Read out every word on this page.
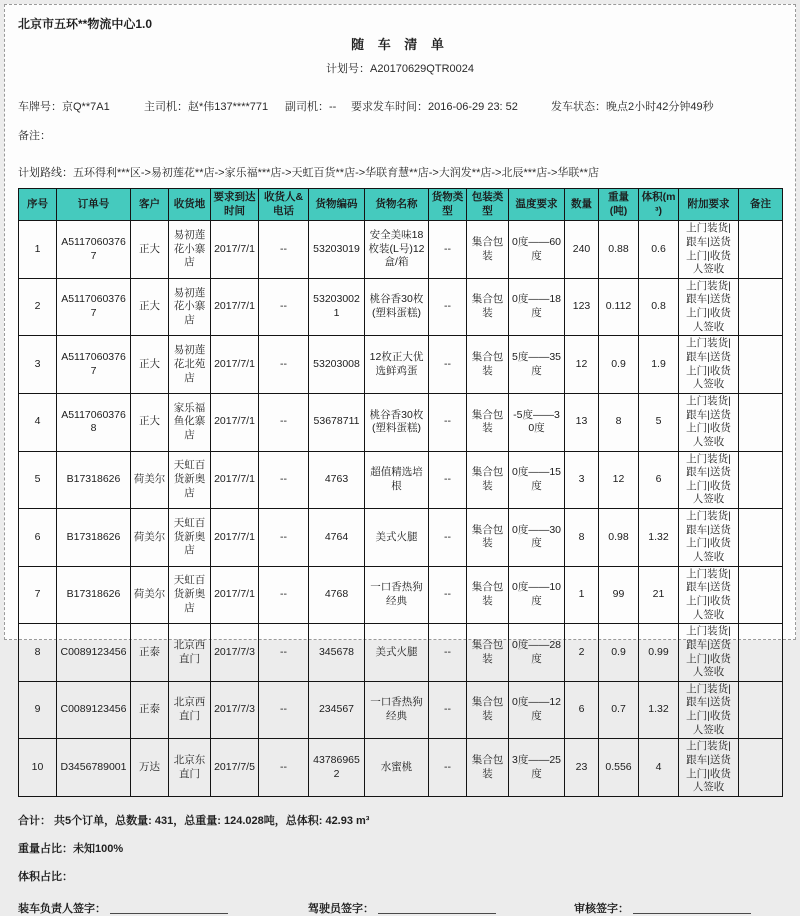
北京市五环**物流中心1.0
随 车 清 单
计划号：A20170629QTR0024
车牌号：京Q**7A1	主司机：赵*伟137****771	副司机：--	要求发车时间：2016-06-29 23: 52	发车状态：晚点2小时42分钟49秒
备注：
计划路线：五环得利***区->易初莲花**店->家乐福***店->天虹百货**店->华联育慧**店->大润发**店->北辰***店->华联**店
序号	订单号	客户	收货地	要求到达时间	收货人&电话	货物编码	货物名称	货物类型	包装类型	温度要求	数量	重量(吨)	体积(m³)	附加要求	备注
1	A51170603767	正大	易初莲花小寨店	2017/7/1	--	53203019	安全美味18枚装(L号)12盒/箱	--	集合包装	0度——60度	240	0.88	0.6	上门装货|跟车|送货上门|收货人签收	
2	A51170603767	正大	易初莲花小寨店	2017/7/1	--	532030021	桃谷香30枚(塑料蛋糕)	--	集合包装	0度——18度	123	0.112	0.8	上门装货|跟车|送货上门|收货人签收	
3	A51170603767	正大	易初莲花北苑店	2017/7/1	--	53203008	12枚正大优选鲜鸡蛋	--	集合包装	5度——35度	12	0.9	1.9	上门装货|跟车|送货上门|收货人签收	
4	A51170603768	正大	家乐福鱼化寨店	2017/7/1	--	53678711	桃谷香30枚(塑料蛋糕)	--	集合包装	-5度——30度	13	8	5	上门装货|跟车|送货上门|收货人签收	
5	B17318626	荷美尔	天虹百货新奥店	2017/7/1	--	4763	超值精选培根	--	集合包装	0度——15度	3	12	6	上门装货|跟车|送货上门|收货人签收	
6	B17318626	荷美尔	天虹百货新奥店	2017/7/1	--	4764	美式火腿	--	集合包装	0度——30度	8	0.98	1.32	上门装货|跟车|送货上门|收货人签收	
7	B17318626	荷美尔	天虹百货新奥店	2017/7/1	--	4768	一口香热狗经典	--	集合包装	0度——10度	1	99	21	上门装货|跟车|送货上门|收货人签收	
8	C0089123456	正泰	北京西直门	2017/7/3	--	345678	美式火腿	--	集合包装	0度——28度	2	0.9	0.99	上门装货|跟车|送货上门|收货人签收	
9	C0089123456	正泰	北京西直门	2017/7/3	--	234567	一口香热狗经典	--	集合包装	0度——12度	6	0.7	1.32	上门装货|跟车|送货上门|收货人签收	
10	D3456789001	万达	北京东直门	2017/7/5	--	437869652	水蜜桃	--	集合包装	3度——25度	23	0.556	4	上门装货|跟车|送货上门|收货人签收	
合计： 共5个订单，总数量: 431，总重量: 124.028吨，总体积: 42.93 m³
重量占比：未知100%
体积占比：
装车负责人签字：	驾驶员签字：	审核签字：
